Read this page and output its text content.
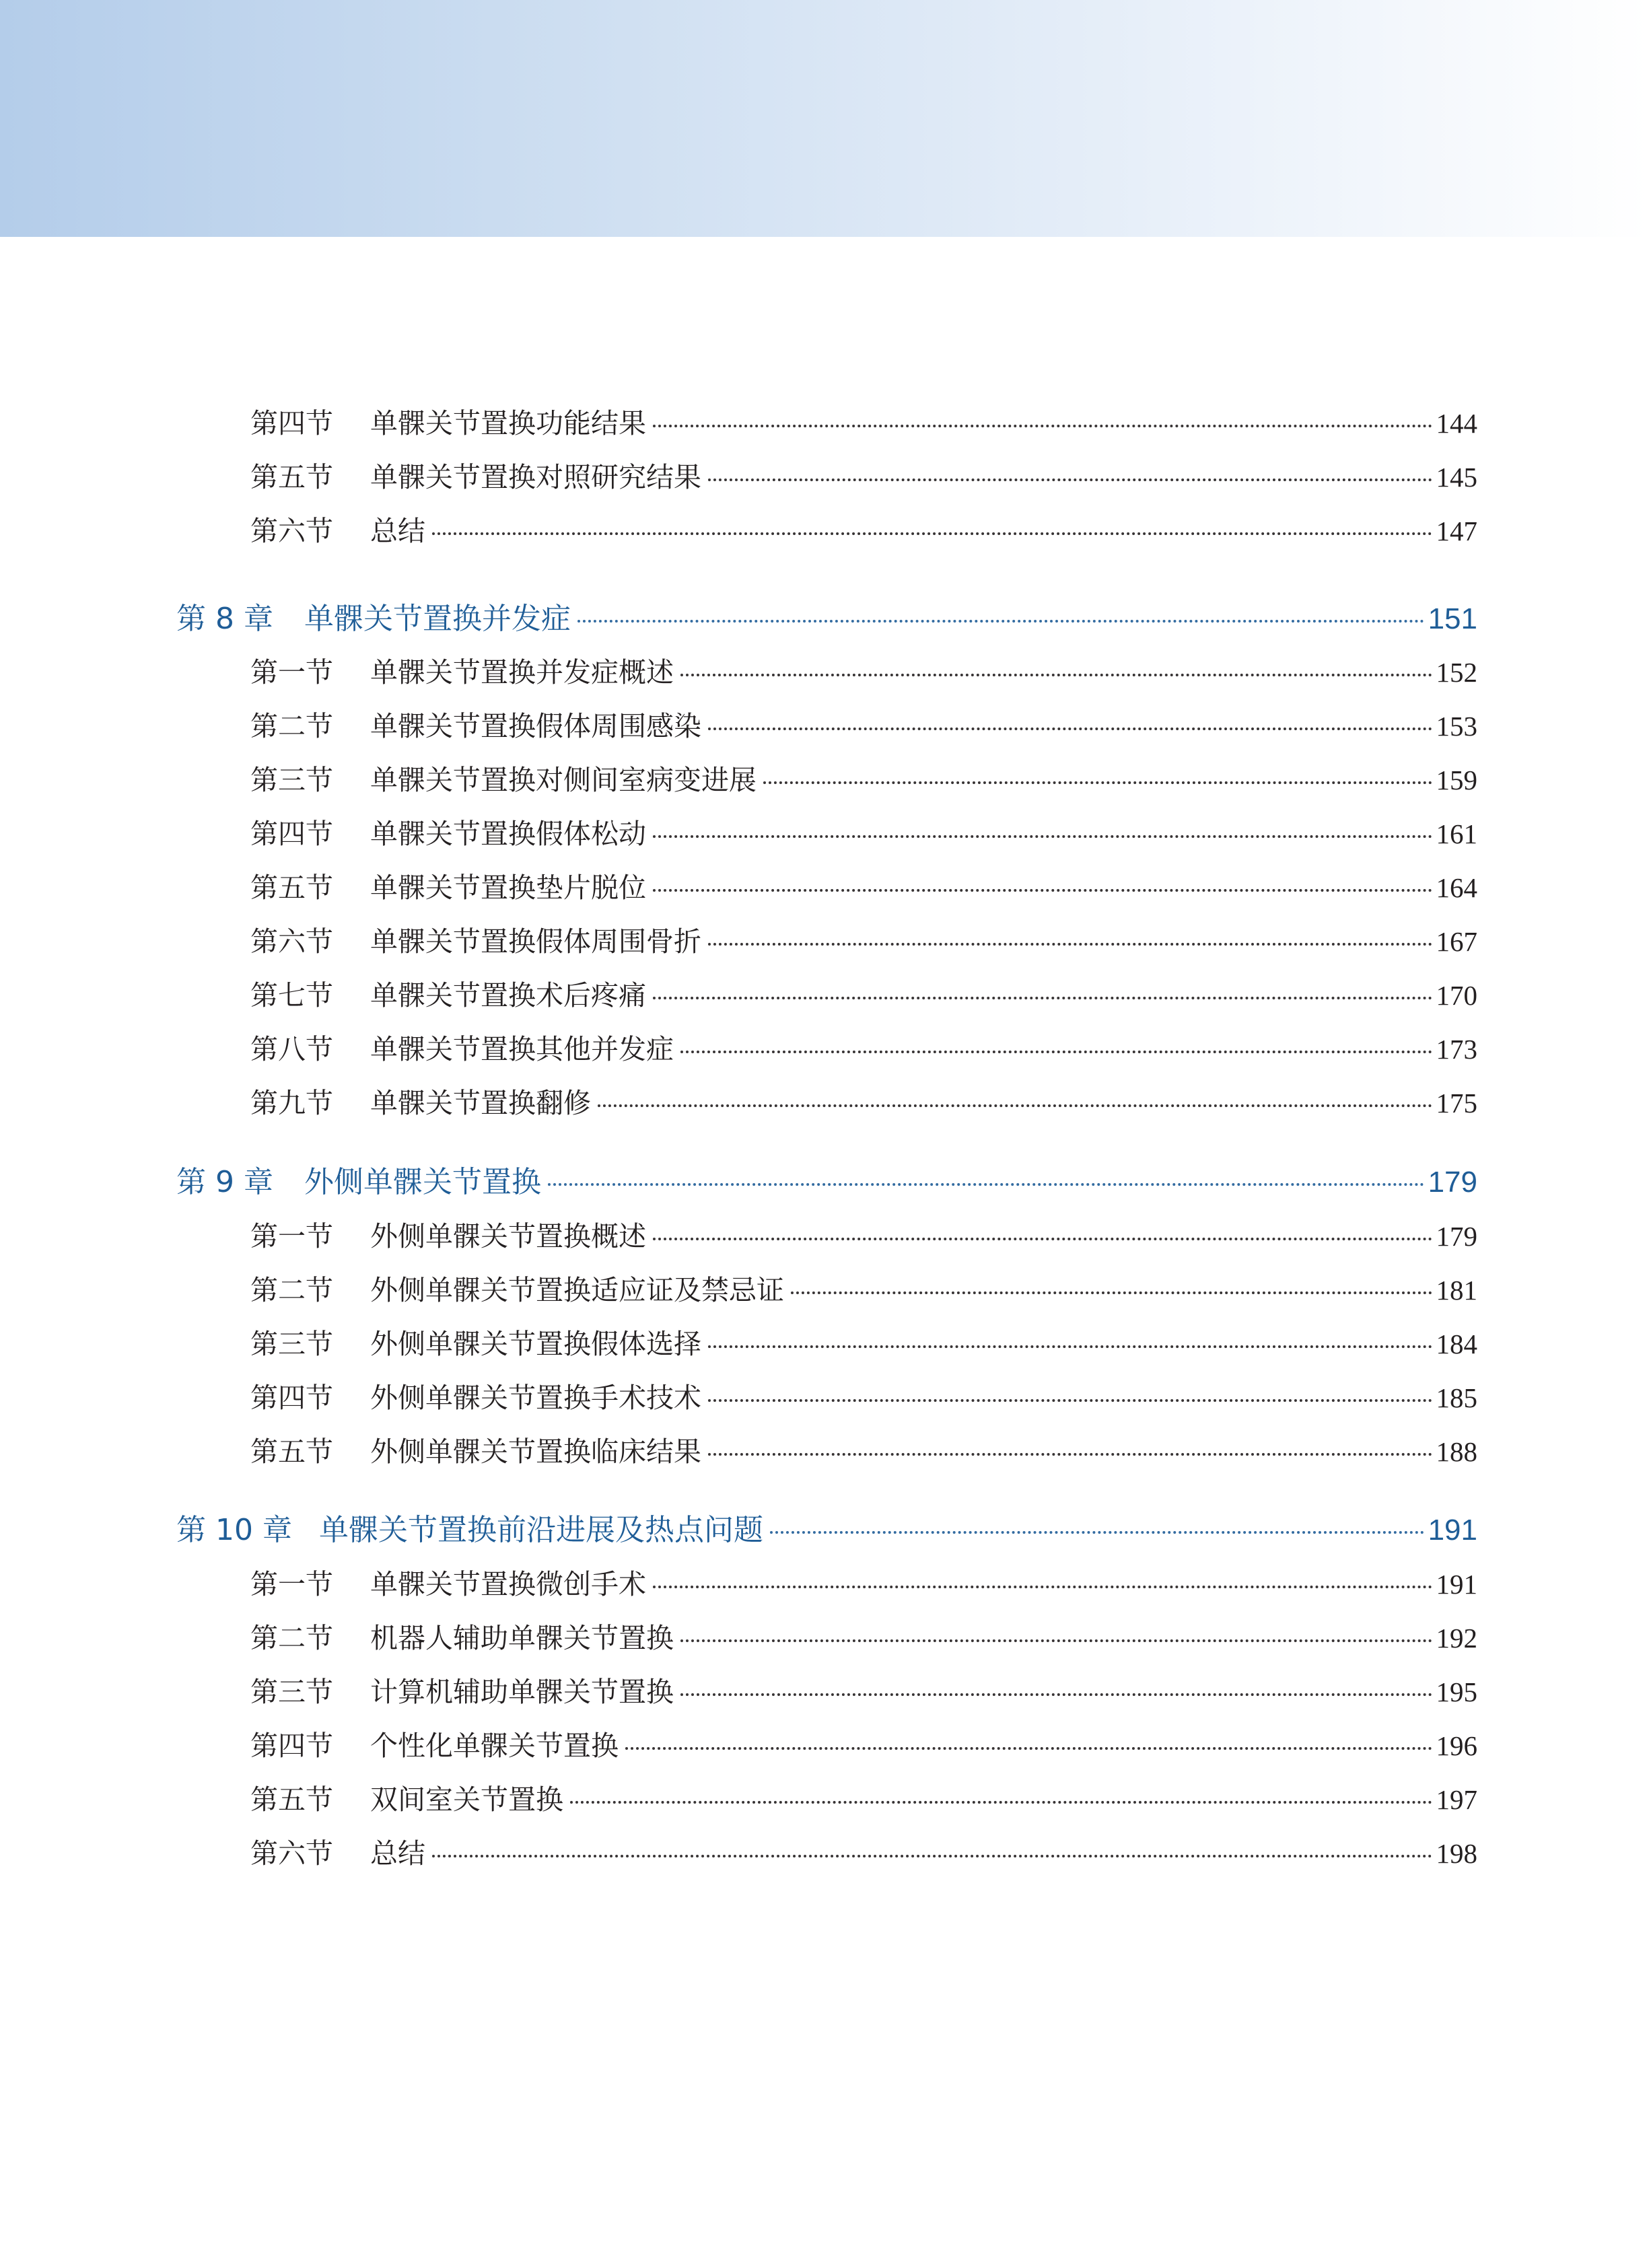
第四节	单髁关节置换功能结果	144
第五节	单髁关节置换对照研究结果	145
第六节	总结	147
第 8 章	单髁关节置换并发症	151
第一节	单髁关节置换并发症概述	152
第二节	单髁关节置换假体周围感染	153
第三节	单髁关节置换对侧间室病变进展	159
第四节	单髁关节置换假体松动	161
第五节	单髁关节置换垫片脱位	164
第六节	单髁关节置换假体周围骨折	167
第七节	单髁关节置换术后疼痛	170
第八节	单髁关节置换其他并发症	173
第九节	单髁关节置换翻修	175
第 9 章	外侧单髁关节置换	179
第一节	外侧单髁关节置换概述	179
第二节	外侧单髁关节置换适应证及禁忌证	181
第三节	外侧单髁关节置换假体选择	184
第四节	外侧单髁关节置换手术技术	185
第五节	外侧单髁关节置换临床结果	188
第 10 章 单髁关节置换前沿进展及热点问题	191
第一节	单髁关节置换微创手术	191
第二节	机器人辅助单髁关节置换	192
第三节	计算机辅助单髁关节置换	195
第四节	个性化单髁关节置换	196
第五节	双间室关节置换	197
第六节	总结	198
